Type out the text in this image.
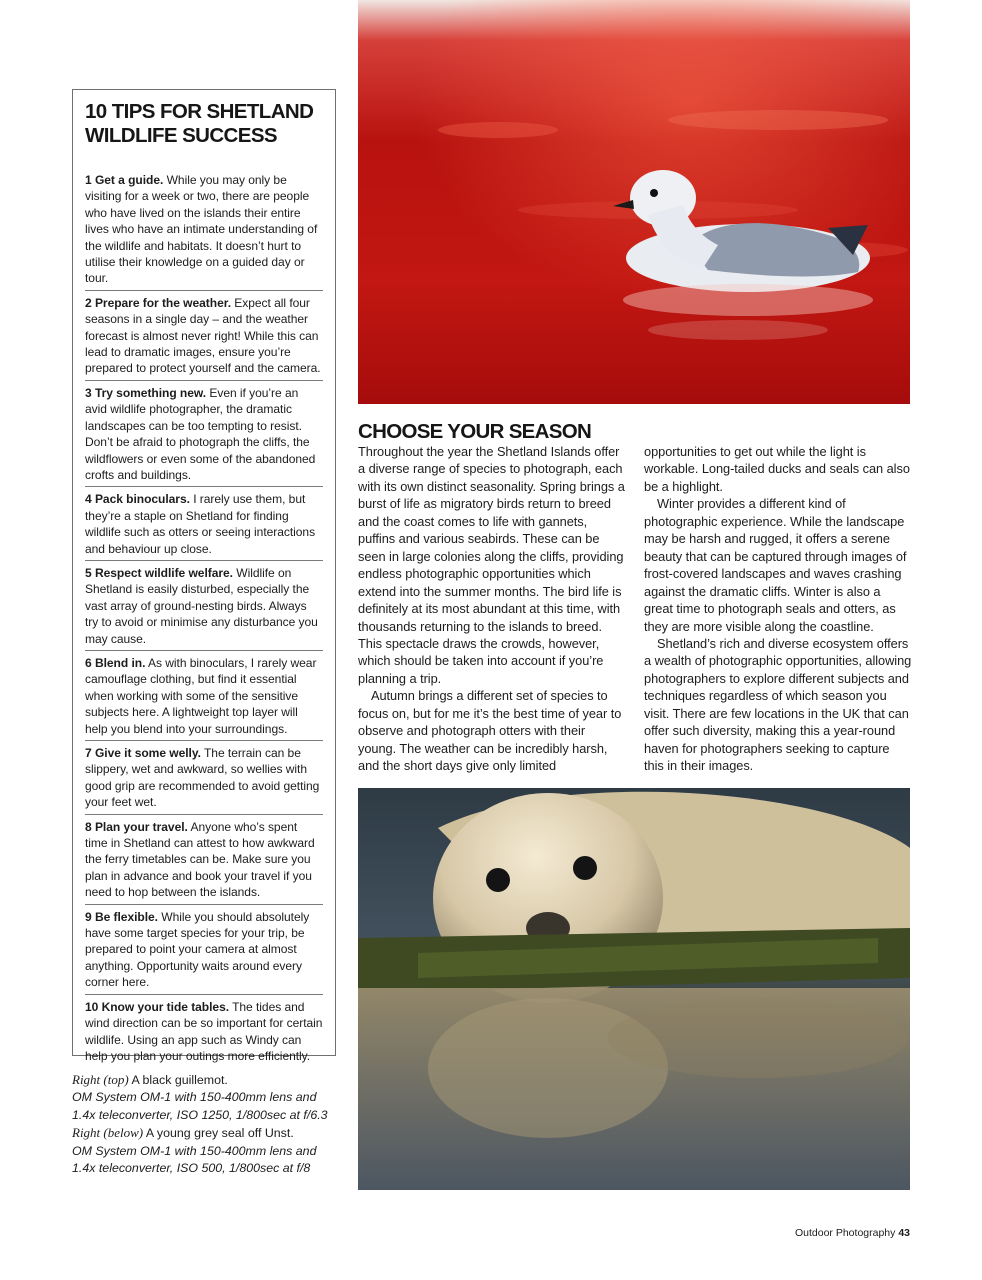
10 TIPS FOR SHETLAND WILDLIFE SUCCESS
1 Get a guide. While you may only be visiting for a week or two, there are people who have lived on the islands their entire lives who have an intimate understanding of the wildlife and habitats. It doesn’t hurt to utilise their knowledge on a guided day or tour.
2 Prepare for the weather. Expect all four seasons in a single day – and the weather forecast is almost never right! While this can lead to dramatic images, ensure you’re prepared to protect yourself and the camera.
3 Try something new. Even if you’re an avid wildlife photographer, the dramatic landscapes can be too tempting to resist. Don’t be afraid to photograph the cliffs, the wildflowers or even some of the abandoned crofts and buildings.
4 Pack binoculars. I rarely use them, but they’re a staple on Shetland for finding wildlife such as otters or seeing interactions and behaviour up close.
5 Respect wildlife welfare. Wildlife on Shetland is easily disturbed, especially the vast array of ground-nesting birds. Always try to avoid or minimise any disturbance you may cause.
6 Blend in. As with binoculars, I rarely wear camouflage clothing, but find it essential when working with some of the sensitive subjects here. A lightweight top layer will help you blend into your surroundings.
7 Give it some welly. The terrain can be slippery, wet and awkward, so wellies with good grip are recommended to avoid getting your feet wet.
8 Plan your travel. Anyone who’s spent time in Shetland can attest to how awkward the ferry timetables can be. Make sure you plan in advance and book your travel if you need to hop between the islands.
9 Be flexible. While you should absolutely have some target species for your trip, be prepared to point your camera at almost anything. Opportunity waits around every corner here.
10 Know your tide tables. The tides and wind direction can be so important for certain wildlife. Using an app such as Windy can help you plan your outings more efficiently.
Right (top) A black guillemot.
OM System OM-1 with 150-400mm lens and 1.4x teleconverter, ISO 1250, 1/800sec at f/6.3
Right (below) A young grey seal off Unst.
OM System OM-1 with 150-400mm lens and 1.4x teleconverter, ISO 500, 1/800sec at f/8
CHOOSE YOUR SEASON

Throughout the year the Shetland Islands offer a diverse range of species to photograph, each with its own distinct seasonality. Spring brings a burst of life as migratory birds return to breed and the coast comes to life with gannets, puffins and various seabirds. These can be seen in large colonies along the cliffs, providing endless photographic opportunities which extend into the summer months. The bird life is definitely at its most abundant at this time, with thousands returning to the islands to breed. This spectacle draws the crowds, however, which should be taken into account if you’re planning a trip.

Autumn brings a different set of species to focus on, but for me it’s the best time of year to observe and photograph otters with their young. The weather can be incredibly harsh, and the short days give only limited

opportunities to get out while the light is workable. Long-tailed ducks and seals can also be a highlight.

Winter provides a different kind of photographic experience. While the landscape may be harsh and rugged, it offers a serene beauty that can be captured through images of frost-covered landscapes and waves crashing against the dramatic cliffs. Winter is also a great time to photograph seals and otters, as they are more visible along the coastline.

Shetland’s rich and diverse ecosystem offers a wealth of photographic opportunities, allowing photographers to explore different subjects and techniques regardless of which season you visit. There are few locations in the UK that can offer such diversity, making this a year-round haven for photographers seeking to capture this in their images.

Outdoor Photography 43
